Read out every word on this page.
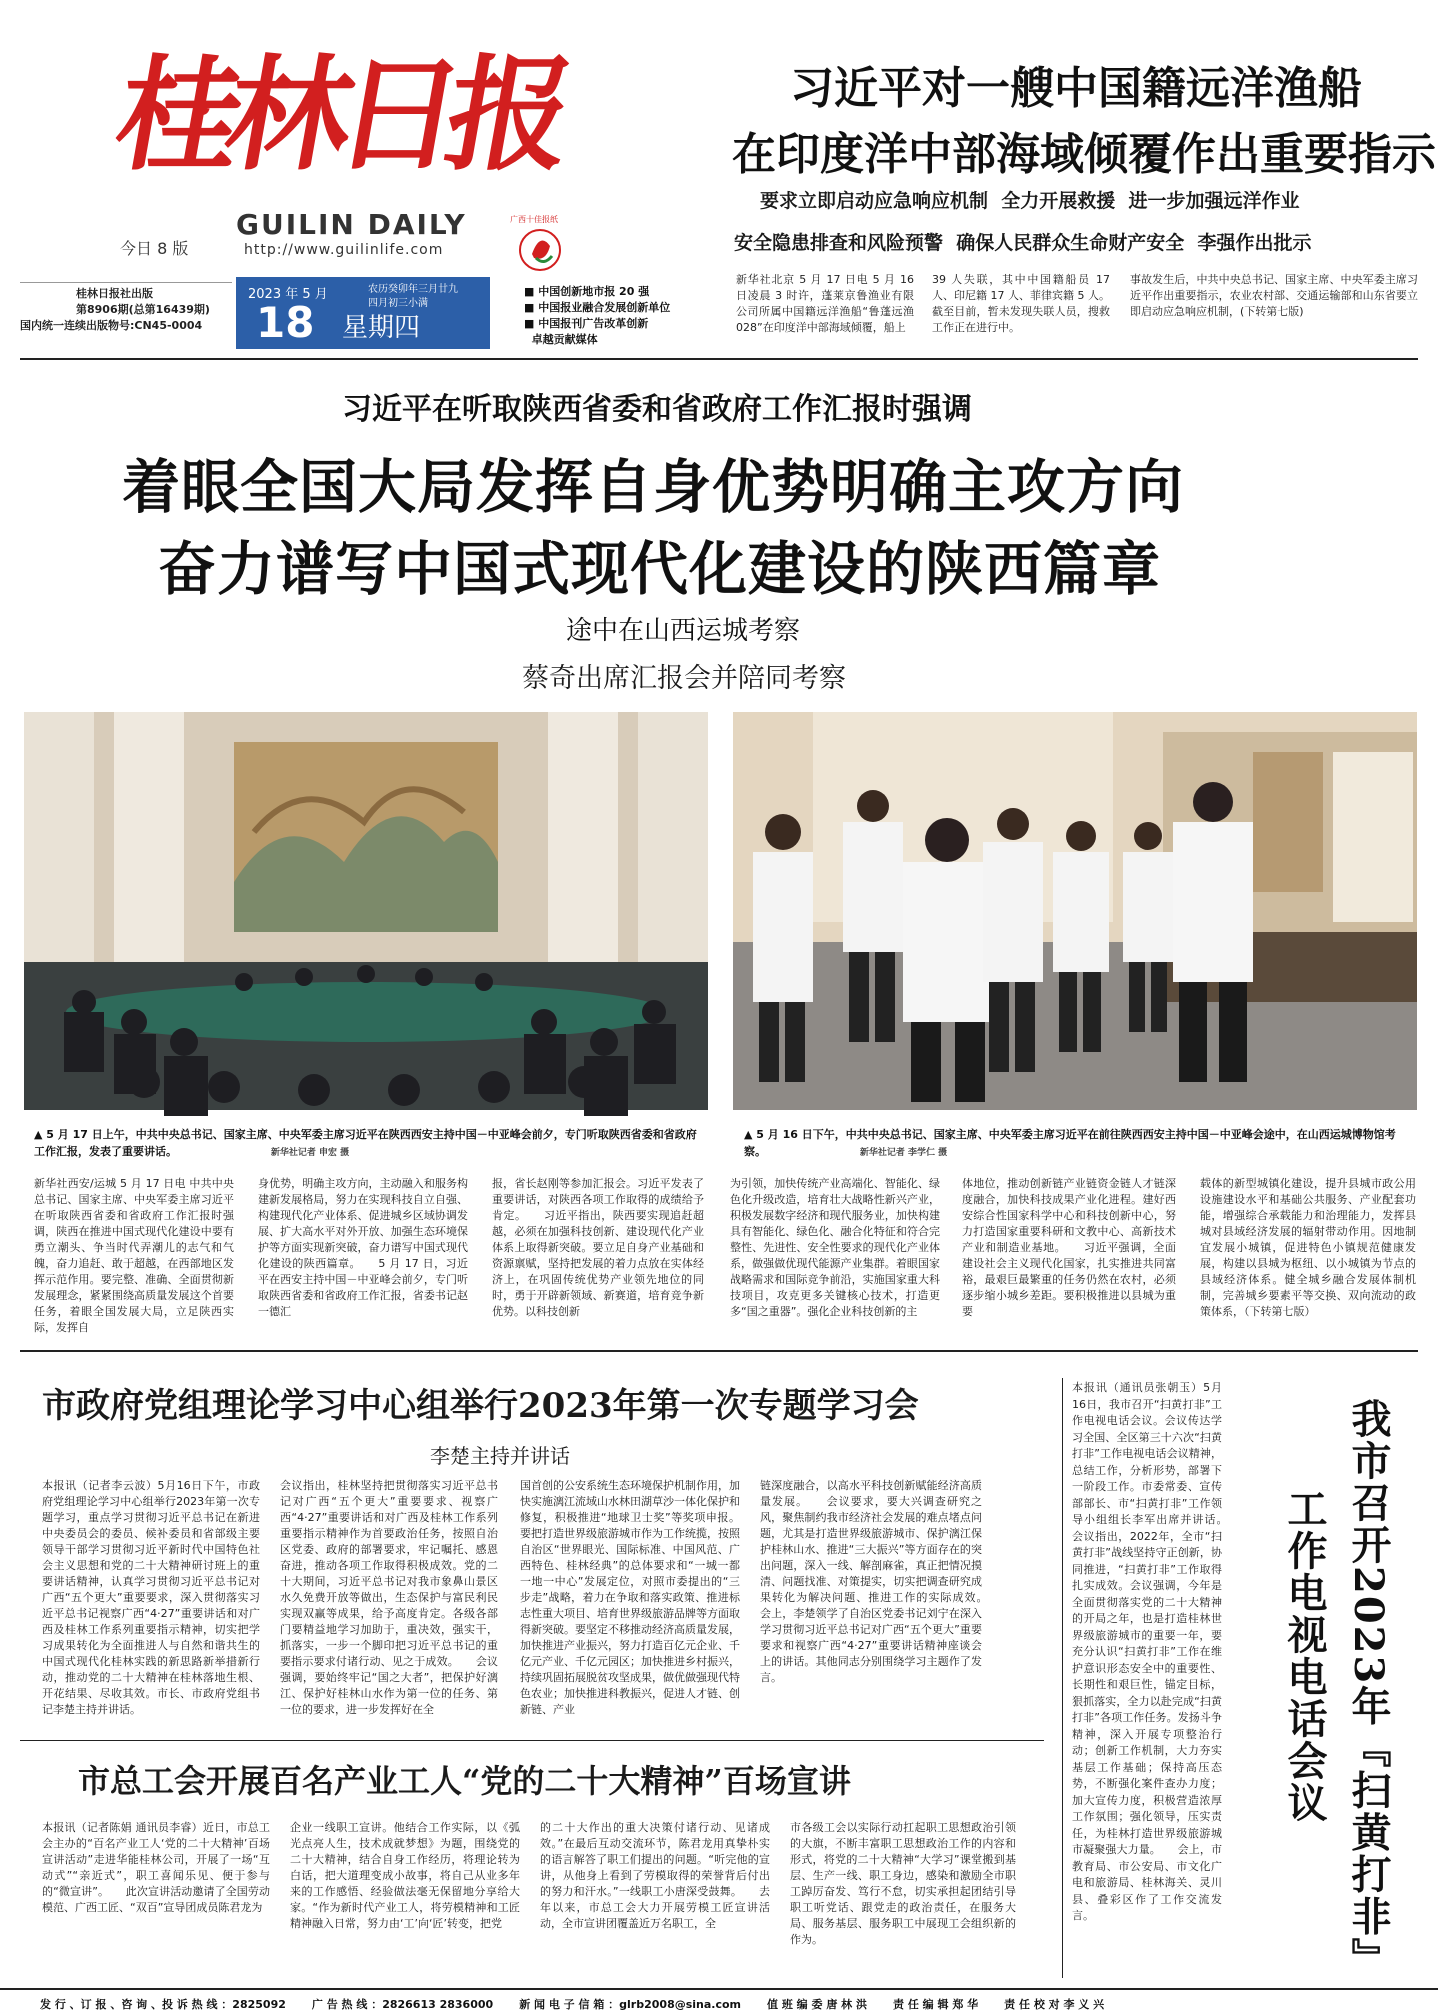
桂林日报
GUILIN DAILY
http://www.guilinlife.com
今日 8 版
桂林日报社出版
第8906期(总第16439期)
国内统一连续出版物号:CN45-0004
2023 年 5 月	农历癸卯年三月廿九
四月初三小满
18 星期四
广西十佳报纸
■ 中国创新地市报 20 强
■ 中国报业融合发展创新单位
■ 中国报刊广告改革创新
卓越贡献媒体
习近平对一艘中国籍远洋渔船
在印度洋中部海域倾覆作出重要指示
要求立即启动应急响应机制  全力开展救援  进一步加强远洋作业
安全隐患排查和风险预警  确保人民群众生命财产安全  李强作出批示
新华社北京 5 月 17 日电 5 月 16 日凌晨 3 时许，蓬莱京鲁渔业有限公司所属中国籍远洋渔船“鲁蓬远渔 028”在印度洋中部海域倾覆，船上
39 人失联，其中中国籍船员 17 人、印尼籍 17 人、菲律宾籍 5 人。截至目前，暂未发现失联人员，搜救工作正在进行中。
事故发生后，中共中央总书记、国家主席、中央军委主席习近平作出重要指示，农业农村部、交通运输部和山东省要立即启动应急响应机制，(下转第七版)
习近平在听取陕西省委和省政府工作汇报时强调
着眼全国大局发挥自身优势明确主攻方向
奋力谱写中国式现代化建设的陕西篇章
途中在山西运城考察
蔡奇出席汇报会并陪同考察
▲ 5 月 17 日上午，中共中央总书记、国家主席、中央军委主席习近平在陕西西安主持中国－中亚峰会前夕，专门听取陕西省委和省政府工作汇报，发表了重要讲话。	新华社记者 申宏 摄
▲ 5 月 16 日下午，中共中央总书记、国家主席、中央军委主席习近平在前往陕西西安主持中国－中亚峰会途中，在山西运城博物馆考察。	新华社记者 李学仁 摄
新华社西安/运城 5 月 17 日电 中共中央总书记、国家主席、中央军委主席习近平在听取陕西省委和省政府工作汇报时强调，陕西在推进中国式现代化建设中要有勇立潮头、争当时代弄潮儿的志气和气魄，奋力追赶、敢于超越，在西部地区发挥示范作用。要完整、准确、全面贯彻新发展理念，紧紧围绕高质量发展这个首要任务，着眼全国发展大局，立足陕西实际，发挥自
身优势，明确主攻方向，主动融入和服务构建新发展格局，努力在实现科技自立自强、构建现代化产业体系、促进城乡区域协调发展、扩大高水平对外开放、加强生态环境保护等方面实现新突破，奋力谱写中国式现代化建设的陕西篇章。　　5 月 17 日，习近平在西安主持中国－中亚峰会前夕，专门听取陕西省委和省政府工作汇报，省委书记赵一德汇
报，省长赵刚等参加汇报会。习近平发表了重要讲话，对陕西各项工作取得的成绩给予肯定。　　习近平指出，陕西要实现追赶超越，必须在加强科技创新、建设现代化产业体系上取得新突破。要立足自身产业基础和资源禀赋，坚持把发展的着力点放在实体经济上，在巩固传统优势产业领先地位的同时，勇于开辟新领域、新赛道，培育竞争新优势。以科技创新
为引领，加快传统产业高端化、智能化、绿色化升级改造，培育壮大战略性新兴产业，积极发展数字经济和现代服务业，加快构建具有智能化、绿色化、融合化特征和符合完整性、先进性、安全性要求的现代化产业体系，做强做优现代能源产业集群。着眼国家战略需求和国际竞争前沿，实施国家重大科技项目，攻克更多关键核心技术，打造更多“国之重器”。强化企业科技创新的主
体地位，推动创新链产业链资金链人才链深度融合，加快科技成果产业化进程。建好西安综合性国家科学中心和科技创新中心，努力打造国家重要科研和文教中心、高新技术产业和制造业基地。　　习近平强调，全面建设社会主义现代化国家，扎实推进共同富裕，最艰巨最繁重的任务仍然在农村，必须逐步缩小城乡差距。要积极推进以县城为重要
载体的新型城镇化建设，提升县城市政公用设施建设水平和基础公共服务、产业配套功能，增强综合承载能力和治理能力，发挥县城对县域经济发展的辐射带动作用。因地制宜发展小城镇，促进特色小镇规范健康发展，构建以县城为枢纽、以小城镇为节点的县域经济体系。健全城乡融合发展体制机制，完善城乡要素平等交换、双向流动的政策体系，（下转第七版）
市政府党组理论学习中心组举行2023年第一次专题学习会
李楚主持并讲话
本报讯（记者李云波）5月16日下午，市政府党组理论学习中心组举行2023年第一次专题学习，重点学习贯彻习近平总书记在新进中央委员会的委员、候补委员和省部级主要领导干部学习贯彻习近平新时代中国特色社会主义思想和党的二十大精神研讨班上的重要讲话精神，认真学习贯彻习近平总书记对广西“五个更大”重要要求，深入贯彻落实习近平总书记视察广西“4·27”重要讲话和对广西及桂林工作系列重要指示精神，切实把学习成果转化为全面推进人与自然和谐共生的中国式现代化桂林实践的新思路新举措新行动，推动党的二十大精神在桂林落地生根、开花结果、尽收其效。市长、市政府党组书记李楚主持并讲话。
会议指出，桂林坚持把贯彻落实习近平总书记对广西“五个更大”重要要求、视察广西“4·27”重要讲话和对广西及桂林工作系列重要指示精神作为首要政治任务，按照自治区党委、政府的部署要求，牢记嘱托、感恩奋进，推动各项工作取得积极成效。党的二十大期间，习近平总书记对我市象鼻山景区水久免费开放等做出，生态保护与富民利民实现双赢等成果，给予高度肯定。各级各部门要精益地学习加助于，重决效，强实干，抓落实，一步一个脚印把习近平总书记的重要指示要求付诸行动、见之于成效。　　会议强调，要始终牢记“国之大者”，把保护好漓江、保护好桂林山水作为第一位的任务、第一位的要求，进一步发挥好在全
国首创的公安系统生态环境保护机制作用，加快实施漓江流域山水林田湖草沙一体化保护和修复，积极推进“地球卫士奖”等奖项申报。要把打造世界级旅游城市作为工作统揽，按照自治区“世界眼光、国际标准、中国风范、广西特色、桂林经典”的总体要求和“一城一都一地一中心”发展定位，对照市委提出的“三步走”战略，着力在争取和落实政策、推进标志性重大项目、培育世界级旅游品牌等方面取得新突破。要坚定不移推动经济高质量发展，加快推进产业振兴，努力打造百亿元企业、千亿元产业、千亿元园区；加快推进乡村振兴，持续巩固拓展脱贫攻坚成果，做优做强现代特色农业；加快推进科教振兴，促进人才链、创新链、产业
链深度融合，以高水平科技创新赋能经济高质量发展。　　会议要求，要大兴调查研究之风，聚焦制约我市经济社会发展的难点堵点问题，尤其是打造世界级旅游城市、保护漓江保护桂林山水、推进“三大振兴”等方面存在的突出问题，深入一线、解剖麻雀，真正把情况摸清、问题找准、对策提实，切实把调查研究成果转化为解决问题、推进工作的实际成效。　　会上，李楚领学了自治区党委书记刘宁在深入学习贯彻习近平总书记对广西“五个更大”重要要求和视察广西“4·27”重要讲话精神座谈会上的讲话。其他同志分别围绕学习主题作了发言。
市总工会开展百名产业工人“党的二十大精神”百场宣讲
本报讯（记者陈娟 通讯员李睿）近日，市总工会主办的“百名产业工人‘党的二十大精神’百场宣讲活动”走进华能桂林公司，开展了一场“互动式”“亲近式”，职工喜闻乐见、便于参与的“微宣讲”。　　此次宣讲活动邀请了全国劳动模范、广西工匠、“双百”宣导团成员陈君龙为
企业一线职工宣讲。他结合工作实际，以《弧光点亮人生，技术成就梦想》为题，围绕党的二十大精神，结合自身工作经历，将理论转为白话，把大道理变成小故事，将自己从业多年来的工作感悟、经验做法毫无保留地分享给大家。“作为新时代产业工人，将劳模精神和工匠精神融入日常，努力由‘工’向‘匠’转变，把党
的二十大作出的重大决策付诸行动、见诸成效。”在最后互动交流环节，陈君龙用真挚朴实的语言解答了职工们提出的问题。“听完他的宣讲，从他身上看到了劳模取得的荣誉背后付出的努力和汗水。”一线职工小唐深受鼓舞。　　去年以来，市总工会大力开展劳模工匠宣讲活动，全市宣讲团覆盖近万名职工，全
市各级工会以实际行动扛起职工思想政治引领的大旗，不断丰富职工思想政治工作的内容和形式，将党的二十大精神“大学习”课堂搬到基层、生产一线、职工身边，感染和激励全市职工踔厉奋发、笃行不怠，切实承担起团结引导职工听党话、跟党走的政治责任，在服务大局、服务基层、服务职工中展现工会组织新的作为。
本报讯（通讯员张朝玉）5月16日，我市召开“扫黄打非”工作电视电话会议。会议传达学习全国、全区第三十六次“扫黄打非”工作电视电话会议精神，总结工作，分析形势，部署下一阶段工作。市委常委、宣传部部长、市“扫黄打非”工作领导小组组长李军出席并讲话。　　会议指出，2022年，全市“扫黄打非”战线坚持守正创新，协同推进，“扫黄打非”工作取得扎实成效。会议强调，今年是全面贯彻落实党的二十大精神的开局之年，也是打造桂林世界级旅游城市的重要一年，要充分认识“扫黄打非”工作在维护意识形态安全中的重要性、长期性和艰巨性，锚定目标，狠抓落实，全力以赴完成“扫黄打非”各项工作任务。发扬斗争精神，深入开展专项整治行动；创新工作机制，大力夯实基层工作基础；保持高压态势，不断强化案件查办力度；加大宣传力度，积极营造浓厚工作氛围；强化领导，压实责任，为桂林打造世界级旅游城市凝聚强大力量。　　会上，市教育局、市公安局、市文化广电和旅游局、桂林海关、灵川县、叠彩区作了工作交流发言。	我市召开2023年『扫黄打非』
工作电视电话会议
发 行 、订 报 、咨 询 、投 诉 热 线 ：2825092 广 告 热 线 ：2826613 2836000 新 闻 电 子 信 箱 ：glrb2008@sina.com 值 班 编 委 唐 林 洪 责 任 编 辑 郑 华 责 任 校 对 李 义 兴
